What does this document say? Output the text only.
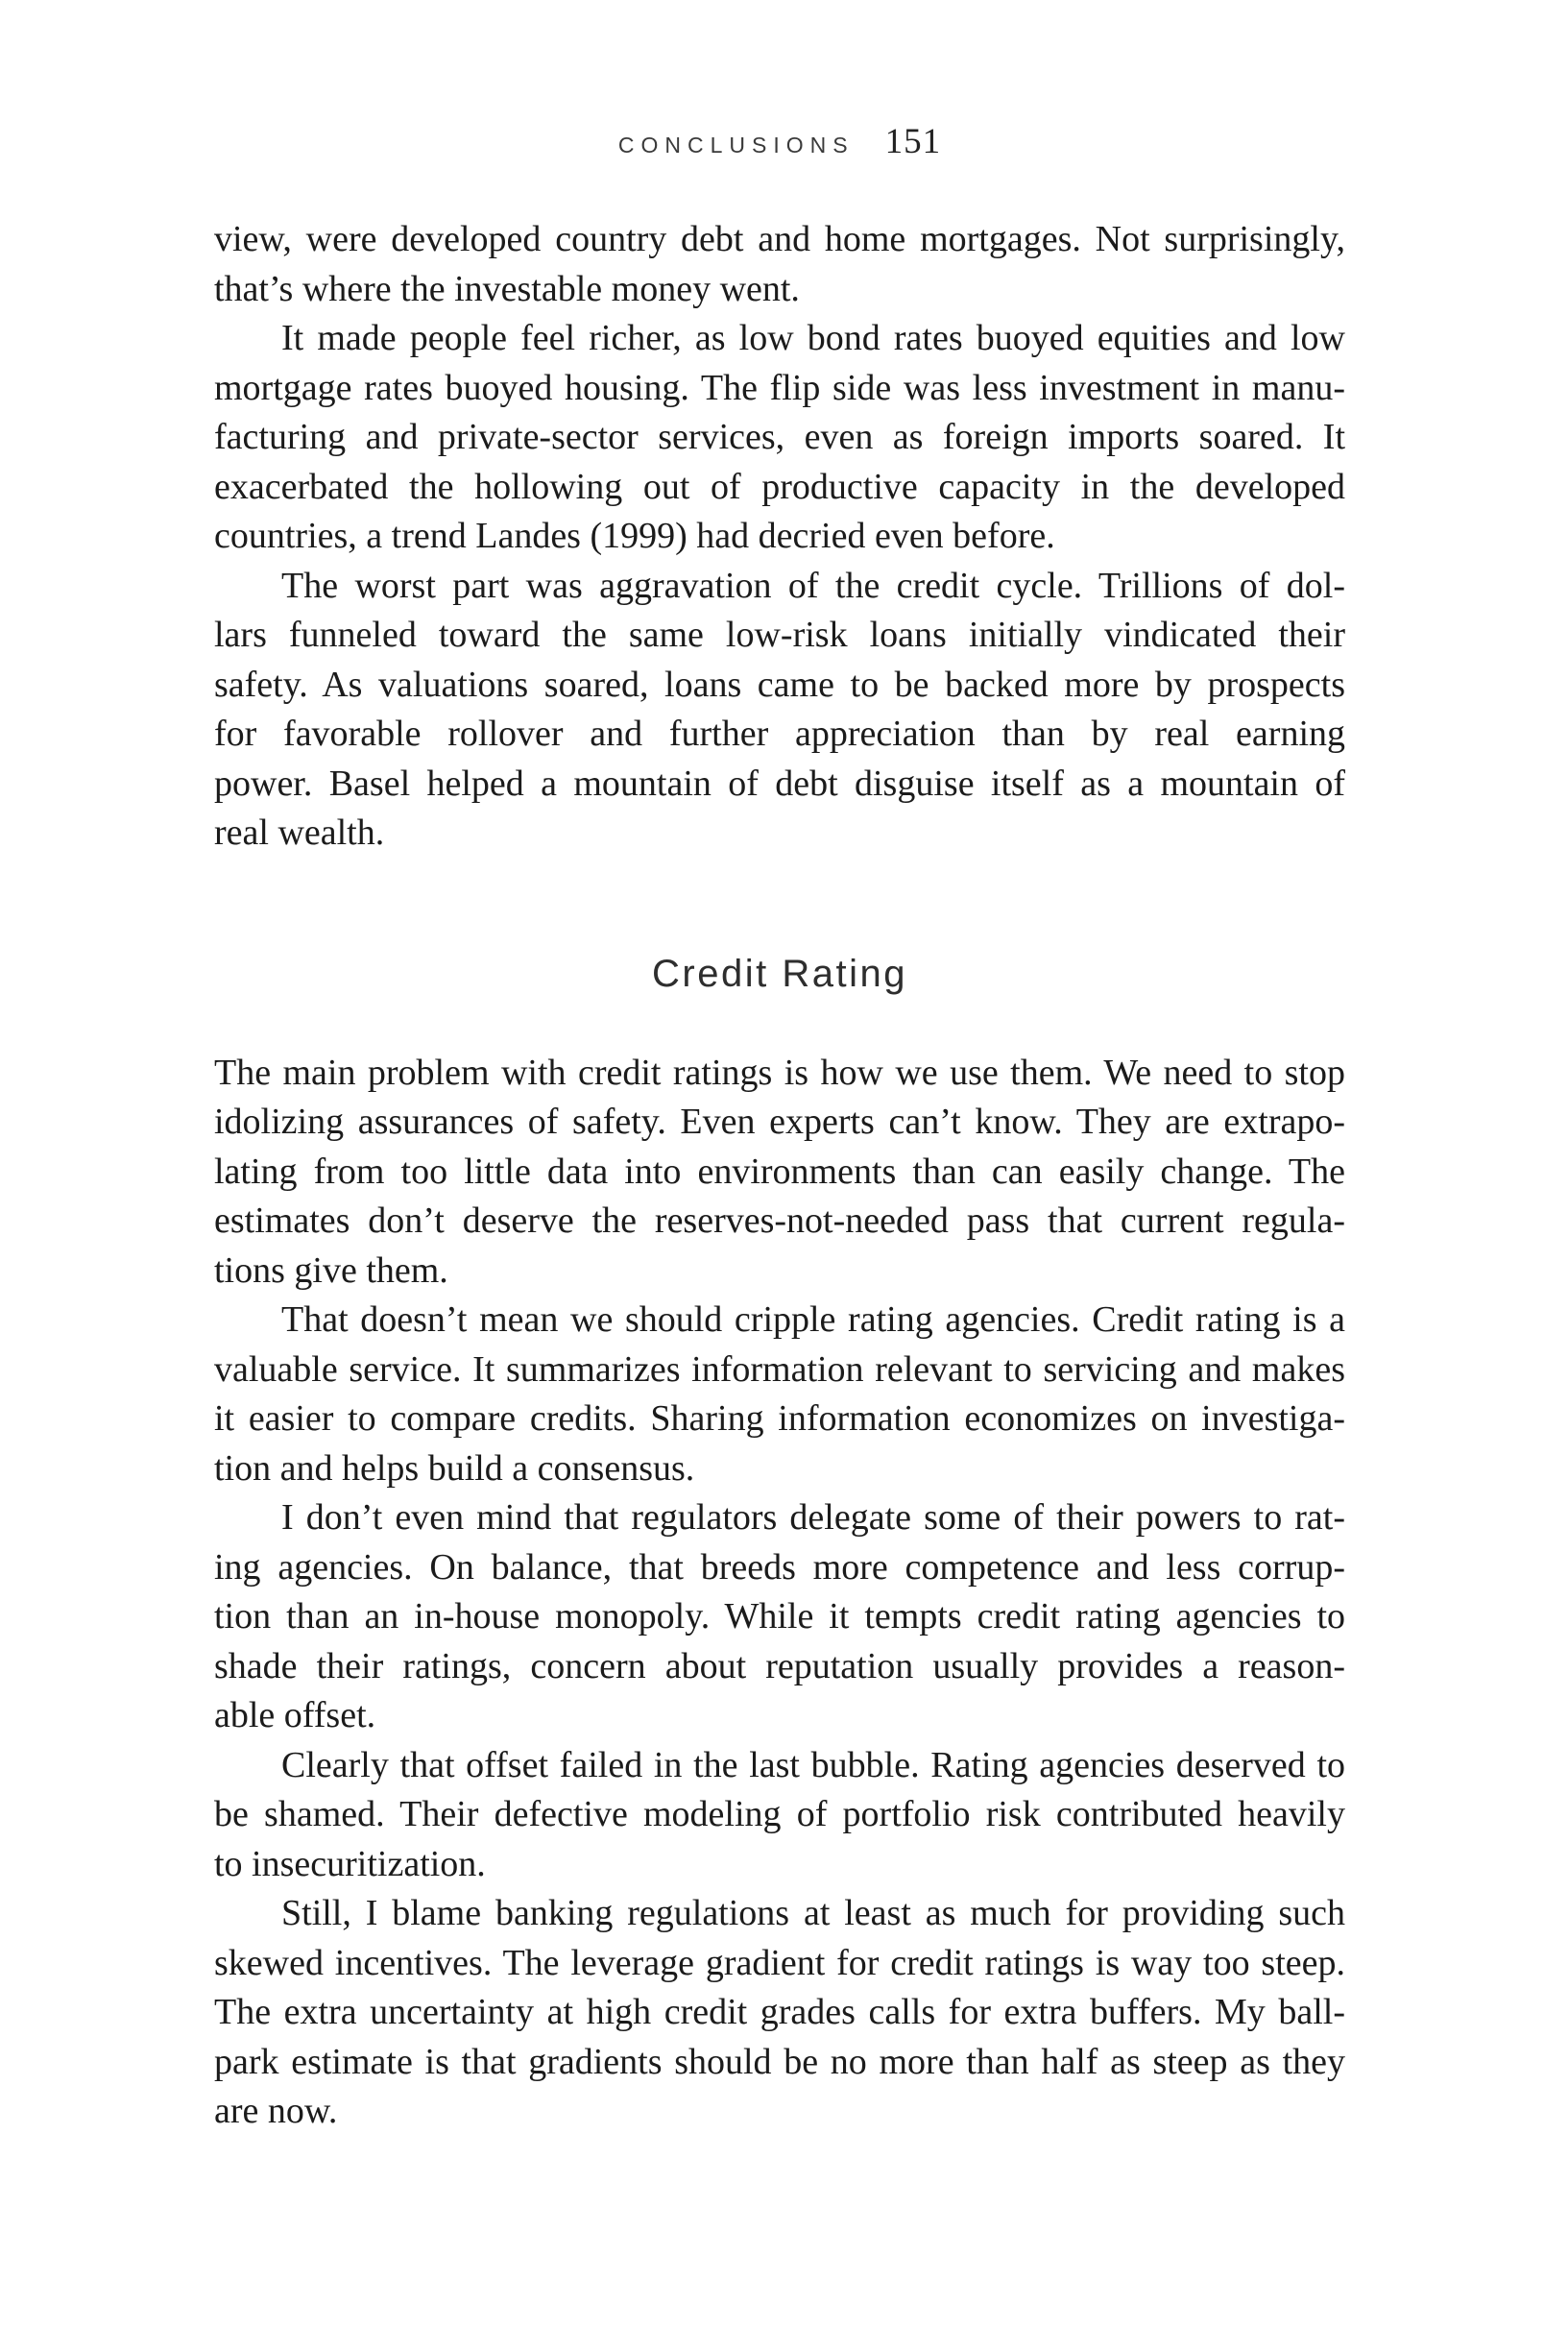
CONCLUSIONS 151
view, were developed country debt and home mortgages. Not surprisingly,
that’s where the investable money went.
It made people feel richer, as low bond rates buoyed equities and low
mortgage rates buoyed housing. The flip side was less investment in manu-
facturing and private-sector services, even as foreign imports soared. It
exacerbated the hollowing out of productive capacity in the developed
countries, a trend Landes (1999) had decried even before.
The worst part was aggravation of the credit cycle. Trillions of dol-
lars funneled toward the same low-risk loans initially vindicated their
safety. As valuations soared, loans came to be backed more by prospects
for favorable rollover and further appreciation than by real earning
power. Basel helped a mountain of debt disguise itself as a mountain of
real wealth.
Credit Rating
The main problem with credit ratings is how we use them. We need to stop
idolizing assurances of safety. Even experts can’t know. They are extrapo-
lating from too little data into environments than can easily change. The
estimates don’t deserve the reserves-not-needed pass that current regula-
tions give them.
That doesn’t mean we should cripple rating agencies. Credit rating is a
valuable service. It summarizes information relevant to servicing and makes
it easier to compare credits. Sharing information economizes on investiga-
tion and helps build a consensus.
I don’t even mind that regulators delegate some of their powers to rat-
ing agencies. On balance, that breeds more competence and less corrup-
tion than an in-house monopoly. While it tempts credit rating agencies to
shade their ratings, concern about reputation usually provides a reason-
able offset.
Clearly that offset failed in the last bubble. Rating agencies deserved to
be shamed. Their defective modeling of portfolio risk contributed heavily
to insecuritization.
Still, I blame banking regulations at least as much for providing such
skewed incentives. The leverage gradient for credit ratings is way too steep.
The extra uncertainty at high credit grades calls for extra buffers. My ball-
park estimate is that gradients should be no more than half as steep as they
are now.
